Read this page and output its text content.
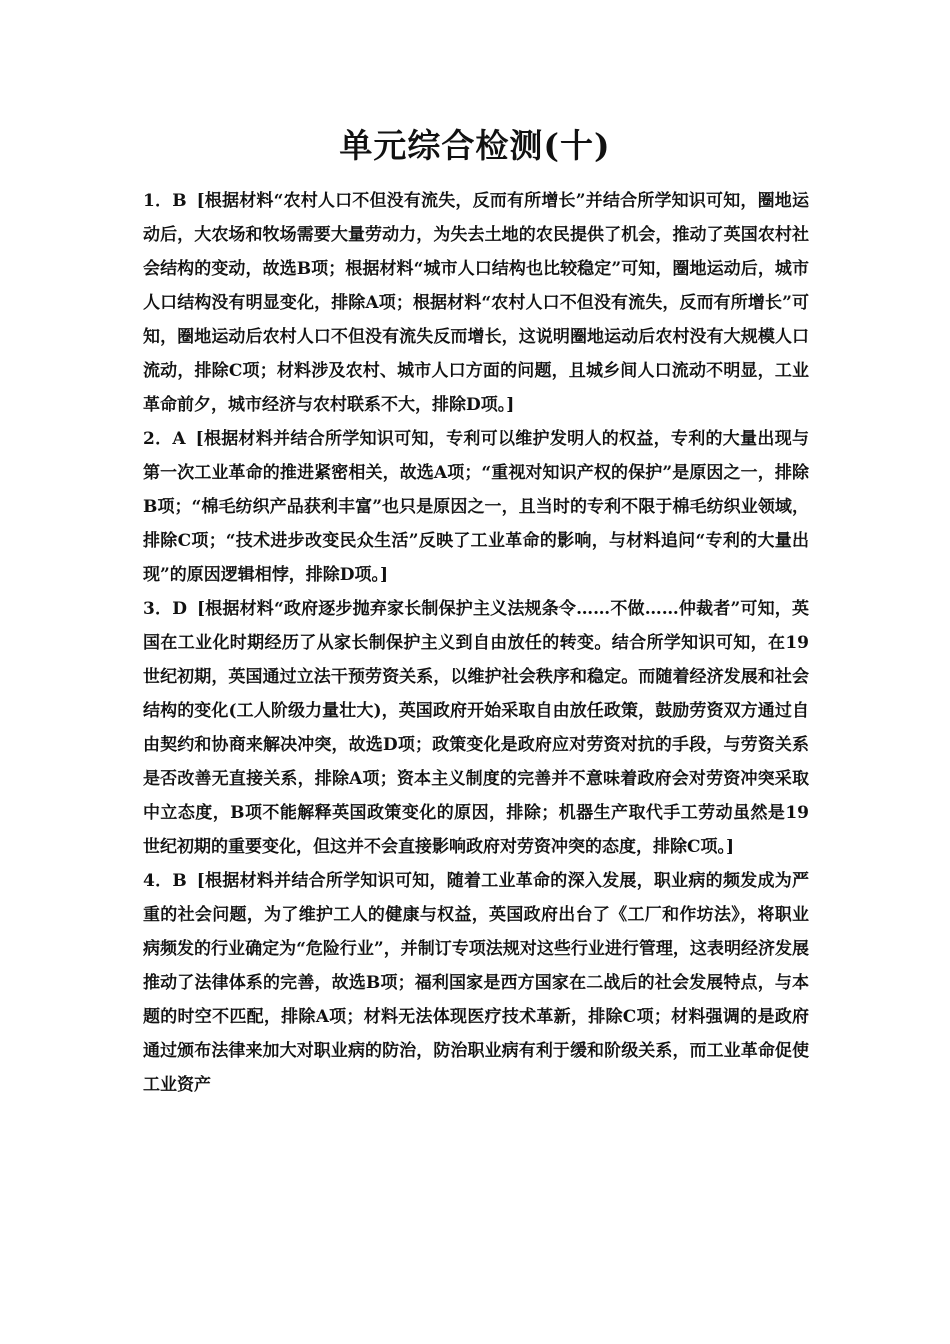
单元综合检测(十)

1．B [根据材料“农村人口不但没有流失，反而有所增长”并结合所学知识可知，圈地运动后，大农场和牧场需要大量劳动力，为失去土地的农民提供了机会，推动了英国农村社会结构的变动，故选B项；根据材料“城市人口结构也比较稳定”可知，圈地运动后，城市人口结构没有明显变化，排除A项；根据材料“农村人口不但没有流失，反而有所增长”可知，圈地运动后农村人口不但没有流失反而增长，这说明圈地运动后农村没有大规模人口流动，排除C项；材料涉及农村、城市人口方面的问题，且城乡间人口流动不明显，工业革命前夕，城市经济与农村联系不大，排除D项。]

2．A [根据材料并结合所学知识可知，专利可以维护发明人的权益，专利的大量出现与第一次工业革命的推进紧密相关，故选A项；“重视对知识产权的保护”是原因之一，排除B项；“棉毛纺织产品获利丰富”也只是原因之一，且当时的专利不限于棉毛纺织业领域，排除C项；“技术进步改变民众生活”反映了工业革命的影响，与材料追问“专利的大量出现”的原因逻辑相悖，排除D项。]

3．D [根据材料“政府逐步抛弃家长制保护主义法规条令……不做……仲裁者”可知，英国在工业化时期经历了从家长制保护主义到自由放任的转变。结合所学知识可知，在19世纪初期，英国通过立法干预劳资关系，以维护社会秩序和稳定。而随着经济发展和社会结构的变化(工人阶级力量壮大)，英国政府开始采取自由放任政策，鼓励劳资双方通过自由契约和协商来解决冲突，故选D项；政策变化是政府应对劳资对抗的手段，与劳资关系是否改善无直接关系，排除A项；资本主义制度的完善并不意味着政府会对劳资冲突采取中立态度，B项不能解释英国政策变化的原因，排除；机器生产取代手工劳动虽然是19世纪初期的重要变化，但这并不会直接影响政府对劳资冲突的态度，排除C项。]

4．B [根据材料并结合所学知识可知，随着工业革命的深入发展，职业病的频发成为严重的社会问题，为了维护工人的健康与权益，英国政府出台了《工厂和作坊法》，将职业病频发的行业确定为“危险行业”，并制订专项法规对这些行业进行管理，这表明经济发展推动了法律体系的完善，故选B项；福利国家是西方国家在二战后的社会发展特点，与本题的时空不匹配，排除A项；材料无法体现医疗技术革新，排除C项；材料强调的是政府通过颁布法律来加大对职业病的防治，防治职业病有利于缓和阶级关系，而工业革命促使工业资产
